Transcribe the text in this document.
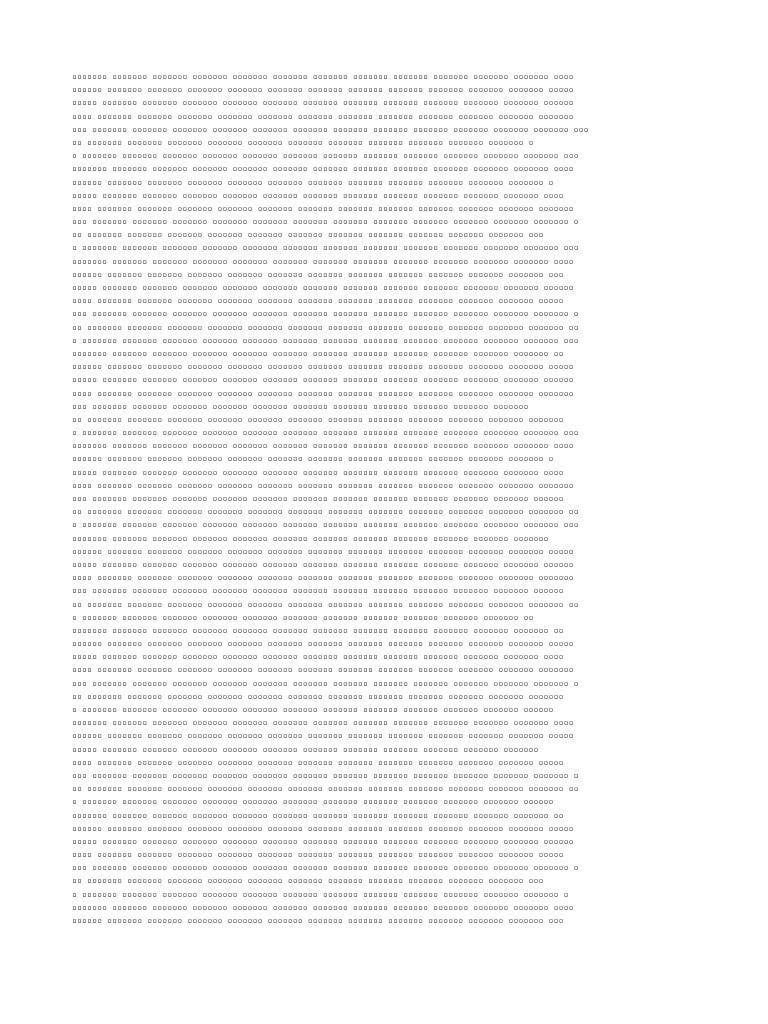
▫▫▫▫▫▫▫ ▫▫▫▫▫▫▫ ▫▫▫▫▫▫▫ ▫▫▫▫▫▫▫ ▫▫▫▫▫▫▫ ▫▫▫▫▫▫▫ ▫▫▫▫▫▫▫ ▫▫▫▫▫▫▫ ▫▫▫▫▫▫▫ ▫▫▫▫▫▫▫ ▫▫▫▫▫▫▫ ▫▫▫▫▫▫▫ ▫▫▫▫
▫▫▫▫▫▫ ▫▫▫▫▫▫▫ ▫▫▫▫▫▫▫ ▫▫▫▫▫▫▫ ▫▫▫▫▫▫▫ ▫▫▫▫▫▫▫ ▫▫▫▫▫▫▫ ▫▫▫▫▫▫▫ ▫▫▫▫▫▫▫ ▫▫▫▫▫▫▫ ▫▫▫▫▫▫▫ ▫▫▫▫▫▫▫ ▫▫▫▫▫
▫▫▫▫▫ ▫▫▫▫▫▫▫ ▫▫▫▫▫▫▫ ▫▫▫▫▫▫▫ ▫▫▫▫▫▫▫ ▫▫▫▫▫▫▫ ▫▫▫▫▫▫▫ ▫▫▫▫▫▫▫ ▫▫▫▫▫▫▫ ▫▫▫▫▫▫▫ ▫▫▫▫▫▫▫ ▫▫▫▫▫▫▫ ▫▫▫▫▫▫
▫▫▫▫ ▫▫▫▫▫▫▫ ▫▫▫▫▫▫▫ ▫▫▫▫▫▫▫ ▫▫▫▫▫▫▫ ▫▫▫▫▫▫▫ ▫▫▫▫▫▫▫ ▫▫▫▫▫▫▫ ▫▫▫▫▫▫▫ ▫▫▫▫▫▫▫ ▫▫▫▫▫▫▫ ▫▫▫▫▫▫▫ ▫▫▫▫▫▫▫
▫▫▫ ▫▫▫▫▫▫▫ ▫▫▫▫▫▫▫ ▫▫▫▫▫▫▫ ▫▫▫▫▫▫▫ ▫▫▫▫▫▫▫ ▫▫▫▫▫▫▫ ▫▫▫▫▫▫▫ ▫▫▫▫▫▫▫ ▫▫▫▫▫▫▫ ▫▫▫▫▫▫▫ ▫▫▫▫▫▫▫ ▫▫▫▫▫▫▫ ▫▫▫
▫▫ ▫▫▫▫▫▫▫ ▫▫▫▫▫▫▫ ▫▫▫▫▫▫▫ ▫▫▫▫▫▫▫ ▫▫▫▫▫▫▫ ▫▫▫▫▫▫▫ ▫▫▫▫▫▫▫ ▫▫▫▫▫▫▫ ▫▫▫▫▫▫▫ ▫▫▫▫▫▫▫ ▫▫▫▫▫▫▫ ▫
▫ ▫▫▫▫▫▫▫ ▫▫▫▫▫▫▫ ▫▫▫▫▫▫▫ ▫▫▫▫▫▫▫ ▫▫▫▫▫▫▫ ▫▫▫▫▫▫▫ ▫▫▫▫▫▫▫ ▫▫▫▫▫▫▫ ▫▫▫▫▫▫▫ ▫▫▫▫▫▫▫ ▫▫▫▫▫▫▫ ▫▫▫▫▫▫▫ ▫▫▫
▫▫▫▫▫▫▫ ▫▫▫▫▫▫▫ ▫▫▫▫▫▫▫ ▫▫▫▫▫▫▫ ▫▫▫▫▫▫▫ ▫▫▫▫▫▫▫ ▫▫▫▫▫▫▫ ▫▫▫▫▫▫▫ ▫▫▫▫▫▫▫ ▫▫▫▫▫▫▫ ▫▫▫▫▫▫▫ ▫▫▫▫▫▫▫ ▫▫▫▫
▫▫▫▫▫▫ ▫▫▫▫▫▫▫ ▫▫▫▫▫▫▫ ▫▫▫▫▫▫▫ ▫▫▫▫▫▫▫ ▫▫▫▫▫▫▫ ▫▫▫▫▫▫▫ ▫▫▫▫▫▫▫ ▫▫▫▫▫▫▫ ▫▫▫▫▫▫▫ ▫▫▫▫▫▫▫ ▫▫▫▫▫▫▫ ▫
▫▫▫▫▫ ▫▫▫▫▫▫▫ ▫▫▫▫▫▫▫ ▫▫▫▫▫▫▫ ▫▫▫▫▫▫▫ ▫▫▫▫▫▫▫ ▫▫▫▫▫▫▫ ▫▫▫▫▫▫▫ ▫▫▫▫▫▫▫ ▫▫▫▫▫▫▫ ▫▫▫▫▫▫▫ ▫▫▫▫▫▫▫ ▫▫▫▫
▫▫▫▫ ▫▫▫▫▫▫▫ ▫▫▫▫▫▫▫ ▫▫▫▫▫▫▫ ▫▫▫▫▫▫▫ ▫▫▫▫▫▫▫ ▫▫▫▫▫▫▫ ▫▫▫▫▫▫▫ ▫▫▫▫▫▫▫ ▫▫▫▫▫▫▫ ▫▫▫▫▫▫▫ ▫▫▫▫▫▫▫ ▫▫▫▫▫▫▫
▫▫▫ ▫▫▫▫▫▫▫ ▫▫▫▫▫▫▫ ▫▫▫▫▫▫▫ ▫▫▫▫▫▫▫ ▫▫▫▫▫▫▫ ▫▫▫▫▫▫▫ ▫▫▫▫▫▫▫ ▫▫▫▫▫▫▫ ▫▫▫▫▫▫▫ ▫▫▫▫▫▫▫ ▫▫▫▫▫▫▫ ▫▫▫▫▫▫▫ ▫
▫▫ ▫▫▫▫▫▫▫ ▫▫▫▫▫▫▫ ▫▫▫▫▫▫▫ ▫▫▫▫▫▫▫ ▫▫▫▫▫▫▫ ▫▫▫▫▫▫▫ ▫▫▫▫▫▫▫ ▫▫▫▫▫▫▫ ▫▫▫▫▫▫▫ ▫▫▫▫▫▫▫ ▫▫▫▫▫▫▫ ▫▫▫
▫ ▫▫▫▫▫▫▫ ▫▫▫▫▫▫▫ ▫▫▫▫▫▫▫ ▫▫▫▫▫▫▫ ▫▫▫▫▫▫▫ ▫▫▫▫▫▫▫ ▫▫▫▫▫▫▫ ▫▫▫▫▫▫▫ ▫▫▫▫▫▫▫ ▫▫▫▫▫▫▫ ▫▫▫▫▫▫▫ ▫▫▫▫▫▫▫ ▫▫▫
▫▫▫▫▫▫▫ ▫▫▫▫▫▫▫ ▫▫▫▫▫▫▫ ▫▫▫▫▫▫▫ ▫▫▫▫▫▫▫ ▫▫▫▫▫▫▫ ▫▫▫▫▫▫▫ ▫▫▫▫▫▫▫ ▫▫▫▫▫▫▫ ▫▫▫▫▫▫▫ ▫▫▫▫▫▫▫ ▫▫▫▫▫▫▫ ▫▫▫▫
▫▫▫▫▫▫ ▫▫▫▫▫▫▫ ▫▫▫▫▫▫▫ ▫▫▫▫▫▫▫ ▫▫▫▫▫▫▫ ▫▫▫▫▫▫▫ ▫▫▫▫▫▫▫ ▫▫▫▫▫▫▫ ▫▫▫▫▫▫▫ ▫▫▫▫▫▫▫ ▫▫▫▫▫▫▫ ▫▫▫▫▫▫▫ ▫▫▫
▫▫▫▫▫ ▫▫▫▫▫▫▫ ▫▫▫▫▫▫▫ ▫▫▫▫▫▫▫ ▫▫▫▫▫▫▫ ▫▫▫▫▫▫▫ ▫▫▫▫▫▫▫ ▫▫▫▫▫▫▫ ▫▫▫▫▫▫▫ ▫▫▫▫▫▫▫ ▫▫▫▫▫▫▫ ▫▫▫▫▫▫▫ ▫▫▫▫▫▫
▫▫▫▫ ▫▫▫▫▫▫▫ ▫▫▫▫▫▫▫ ▫▫▫▫▫▫▫ ▫▫▫▫▫▫▫ ▫▫▫▫▫▫▫ ▫▫▫▫▫▫▫ ▫▫▫▫▫▫▫ ▫▫▫▫▫▫▫ ▫▫▫▫▫▫▫ ▫▫▫▫▫▫▫ ▫▫▫▫▫▫▫ ▫▫▫▫▫
▫▫▫ ▫▫▫▫▫▫▫ ▫▫▫▫▫▫▫ ▫▫▫▫▫▫▫ ▫▫▫▫▫▫▫ ▫▫▫▫▫▫▫ ▫▫▫▫▫▫▫ ▫▫▫▫▫▫▫ ▫▫▫▫▫▫▫ ▫▫▫▫▫▫▫ ▫▫▫▫▫▫▫ ▫▫▫▫▫▫▫ ▫▫▫▫▫▫▫ ▫
▫▫ ▫▫▫▫▫▫▫ ▫▫▫▫▫▫▫ ▫▫▫▫▫▫▫ ▫▫▫▫▫▫▫ ▫▫▫▫▫▫▫ ▫▫▫▫▫▫▫ ▫▫▫▫▫▫▫ ▫▫▫▫▫▫▫ ▫▫▫▫▫▫▫ ▫▫▫▫▫▫▫ ▫▫▫▫▫▫▫ ▫▫▫▫▫▫▫ ▫▫
▫ ▫▫▫▫▫▫▫ ▫▫▫▫▫▫▫ ▫▫▫▫▫▫▫ ▫▫▫▫▫▫▫ ▫▫▫▫▫▫▫ ▫▫▫▫▫▫▫ ▫▫▫▫▫▫▫ ▫▫▫▫▫▫▫ ▫▫▫▫▫▫▫ ▫▫▫▫▫▫▫ ▫▫▫▫▫▫▫ ▫▫▫▫▫▫▫ ▫▫▫
▫▫▫▫▫▫▫ ▫▫▫▫▫▫▫ ▫▫▫▫▫▫▫ ▫▫▫▫▫▫▫ ▫▫▫▫▫▫▫ ▫▫▫▫▫▫▫ ▫▫▫▫▫▫▫ ▫▫▫▫▫▫▫ ▫▫▫▫▫▫▫ ▫▫▫▫▫▫▫ ▫▫▫▫▫▫▫ ▫▫▫▫▫▫▫ ▫▫
▫▫▫▫▫▫ ▫▫▫▫▫▫▫ ▫▫▫▫▫▫▫ ▫▫▫▫▫▫▫ ▫▫▫▫▫▫▫ ▫▫▫▫▫▫▫ ▫▫▫▫▫▫▫ ▫▫▫▫▫▫▫ ▫▫▫▫▫▫▫ ▫▫▫▫▫▫▫ ▫▫▫▫▫▫▫ ▫▫▫▫▫▫▫ ▫▫▫▫▫
▫▫▫▫▫ ▫▫▫▫▫▫▫ ▫▫▫▫▫▫▫ ▫▫▫▫▫▫▫ ▫▫▫▫▫▫▫ ▫▫▫▫▫▫▫ ▫▫▫▫▫▫▫ ▫▫▫▫▫▫▫ ▫▫▫▫▫▫▫ ▫▫▫▫▫▫▫ ▫▫▫▫▫▫▫ ▫▫▫▫▫▫▫ ▫▫▫▫▫▫
▫▫▫▫ ▫▫▫▫▫▫▫ ▫▫▫▫▫▫▫ ▫▫▫▫▫▫▫ ▫▫▫▫▫▫▫ ▫▫▫▫▫▫▫ ▫▫▫▫▫▫▫ ▫▫▫▫▫▫▫ ▫▫▫▫▫▫▫ ▫▫▫▫▫▫▫ ▫▫▫▫▫▫▫ ▫▫▫▫▫▫▫ ▫▫▫▫▫▫▫
▫▫▫ ▫▫▫▫▫▫▫ ▫▫▫▫▫▫▫ ▫▫▫▫▫▫▫ ▫▫▫▫▫▫▫ ▫▫▫▫▫▫▫ ▫▫▫▫▫▫▫ ▫▫▫▫▫▫▫ ▫▫▫▫▫▫▫ ▫▫▫▫▫▫▫ ▫▫▫▫▫▫▫ ▫▫▫▫▫▫▫
▫▫ ▫▫▫▫▫▫▫ ▫▫▫▫▫▫▫ ▫▫▫▫▫▫▫ ▫▫▫▫▫▫▫ ▫▫▫▫▫▫▫ ▫▫▫▫▫▫▫ ▫▫▫▫▫▫▫ ▫▫▫▫▫▫▫ ▫▫▫▫▫▫▫ ▫▫▫▫▫▫▫ ▫▫▫▫▫▫▫ ▫▫▫▫▫▫▫
▫ ▫▫▫▫▫▫▫ ▫▫▫▫▫▫▫ ▫▫▫▫▫▫▫ ▫▫▫▫▫▫▫ ▫▫▫▫▫▫▫ ▫▫▫▫▫▫▫ ▫▫▫▫▫▫▫ ▫▫▫▫▫▫▫ ▫▫▫▫▫▫▫ ▫▫▫▫▫▫▫ ▫▫▫▫▫▫▫ ▫▫▫▫▫▫▫ ▫▫▫
▫▫▫▫▫▫▫ ▫▫▫▫▫▫▫ ▫▫▫▫▫▫▫ ▫▫▫▫▫▫▫ ▫▫▫▫▫▫▫ ▫▫▫▫▫▫▫ ▫▫▫▫▫▫▫ ▫▫▫▫▫▫▫ ▫▫▫▫▫▫▫ ▫▫▫▫▫▫▫ ▫▫▫▫▫▫▫ ▫▫▫▫▫▫▫ ▫▫▫▫
▫▫▫▫▫▫ ▫▫▫▫▫▫▫ ▫▫▫▫▫▫▫ ▫▫▫▫▫▫▫ ▫▫▫▫▫▫▫ ▫▫▫▫▫▫▫ ▫▫▫▫▫▫▫ ▫▫▫▫▫▫▫ ▫▫▫▫▫▫▫ ▫▫▫▫▫▫▫ ▫▫▫▫▫▫▫ ▫▫▫▫▫▫▫ ▫
▫▫▫▫▫ ▫▫▫▫▫▫▫ ▫▫▫▫▫▫▫ ▫▫▫▫▫▫▫ ▫▫▫▫▫▫▫ ▫▫▫▫▫▫▫ ▫▫▫▫▫▫▫ ▫▫▫▫▫▫▫ ▫▫▫▫▫▫▫ ▫▫▫▫▫▫▫ ▫▫▫▫▫▫▫ ▫▫▫▫▫▫▫ ▫▫▫▫
▫▫▫▫ ▫▫▫▫▫▫▫ ▫▫▫▫▫▫▫ ▫▫▫▫▫▫▫ ▫▫▫▫▫▫▫ ▫▫▫▫▫▫▫ ▫▫▫▫▫▫▫ ▫▫▫▫▫▫▫ ▫▫▫▫▫▫▫ ▫▫▫▫▫▫▫ ▫▫▫▫▫▫▫ ▫▫▫▫▫▫▫ ▫▫▫▫▫▫▫
▫▫▫ ▫▫▫▫▫▫▫ ▫▫▫▫▫▫▫ ▫▫▫▫▫▫▫ ▫▫▫▫▫▫▫ ▫▫▫▫▫▫▫ ▫▫▫▫▫▫▫ ▫▫▫▫▫▫▫ ▫▫▫▫▫▫▫ ▫▫▫▫▫▫▫ ▫▫▫▫▫▫▫ ▫▫▫▫▫▫▫ ▫▫▫▫▫▫
▫▫ ▫▫▫▫▫▫▫ ▫▫▫▫▫▫▫ ▫▫▫▫▫▫▫ ▫▫▫▫▫▫▫ ▫▫▫▫▫▫▫ ▫▫▫▫▫▫▫ ▫▫▫▫▫▫▫ ▫▫▫▫▫▫▫ ▫▫▫▫▫▫▫ ▫▫▫▫▫▫▫ ▫▫▫▫▫▫▫ ▫▫▫▫▫▫▫ ▫▫
▫ ▫▫▫▫▫▫▫ ▫▫▫▫▫▫▫ ▫▫▫▫▫▫▫ ▫▫▫▫▫▫▫ ▫▫▫▫▫▫▫ ▫▫▫▫▫▫▫ ▫▫▫▫▫▫▫ ▫▫▫▫▫▫▫ ▫▫▫▫▫▫▫ ▫▫▫▫▫▫▫ ▫▫▫▫▫▫▫ ▫▫▫▫▫▫▫ ▫▫▫
▫▫▫▫▫▫▫ ▫▫▫▫▫▫▫ ▫▫▫▫▫▫▫ ▫▫▫▫▫▫▫ ▫▫▫▫▫▫▫ ▫▫▫▫▫▫▫ ▫▫▫▫▫▫▫ ▫▫▫▫▫▫▫ ▫▫▫▫▫▫▫ ▫▫▫▫▫▫▫ ▫▫▫▫▫▫▫ ▫▫▫▫▫▫▫
▫▫▫▫▫▫ ▫▫▫▫▫▫▫ ▫▫▫▫▫▫▫ ▫▫▫▫▫▫▫ ▫▫▫▫▫▫▫ ▫▫▫▫▫▫▫ ▫▫▫▫▫▫▫ ▫▫▫▫▫▫▫ ▫▫▫▫▫▫▫ ▫▫▫▫▫▫▫ ▫▫▫▫▫▫▫ ▫▫▫▫▫▫▫ ▫▫▫▫▫
▫▫▫▫▫ ▫▫▫▫▫▫▫ ▫▫▫▫▫▫▫ ▫▫▫▫▫▫▫ ▫▫▫▫▫▫▫ ▫▫▫▫▫▫▫ ▫▫▫▫▫▫▫ ▫▫▫▫▫▫▫ ▫▫▫▫▫▫▫ ▫▫▫▫▫▫▫ ▫▫▫▫▫▫▫ ▫▫▫▫▫▫▫ ▫▫▫▫▫▫
▫▫▫▫ ▫▫▫▫▫▫▫ ▫▫▫▫▫▫▫ ▫▫▫▫▫▫▫ ▫▫▫▫▫▫▫ ▫▫▫▫▫▫▫ ▫▫▫▫▫▫▫ ▫▫▫▫▫▫▫ ▫▫▫▫▫▫▫ ▫▫▫▫▫▫▫ ▫▫▫▫▫▫▫ ▫▫▫▫▫▫▫ ▫▫▫▫▫▫▫
▫▫▫ ▫▫▫▫▫▫▫ ▫▫▫▫▫▫▫ ▫▫▫▫▫▫▫ ▫▫▫▫▫▫▫ ▫▫▫▫▫▫▫ ▫▫▫▫▫▫▫ ▫▫▫▫▫▫▫ ▫▫▫▫▫▫▫ ▫▫▫▫▫▫▫ ▫▫▫▫▫▫▫ ▫▫▫▫▫▫▫ ▫▫▫▫▫▫
▫▫ ▫▫▫▫▫▫▫ ▫▫▫▫▫▫▫ ▫▫▫▫▫▫▫ ▫▫▫▫▫▫▫ ▫▫▫▫▫▫▫ ▫▫▫▫▫▫▫ ▫▫▫▫▫▫▫ ▫▫▫▫▫▫▫ ▫▫▫▫▫▫▫ ▫▫▫▫▫▫▫ ▫▫▫▫▫▫▫ ▫▫▫▫▫▫▫ ▫▫
▫ ▫▫▫▫▫▫▫ ▫▫▫▫▫▫▫ ▫▫▫▫▫▫▫ ▫▫▫▫▫▫▫ ▫▫▫▫▫▫▫ ▫▫▫▫▫▫▫ ▫▫▫▫▫▫▫ ▫▫▫▫▫▫▫ ▫▫▫▫▫▫▫ ▫▫▫▫▫▫▫ ▫▫▫▫▫▫▫ ▫▫
▫▫▫▫▫▫▫ ▫▫▫▫▫▫▫ ▫▫▫▫▫▫▫ ▫▫▫▫▫▫▫ ▫▫▫▫▫▫▫ ▫▫▫▫▫▫▫ ▫▫▫▫▫▫▫ ▫▫▫▫▫▫▫ ▫▫▫▫▫▫▫ ▫▫▫▫▫▫▫ ▫▫▫▫▫▫▫ ▫▫▫▫▫▫▫ ▫▫
▫▫▫▫▫▫ ▫▫▫▫▫▫▫ ▫▫▫▫▫▫▫ ▫▫▫▫▫▫▫ ▫▫▫▫▫▫▫ ▫▫▫▫▫▫▫ ▫▫▫▫▫▫▫ ▫▫▫▫▫▫▫ ▫▫▫▫▫▫▫ ▫▫▫▫▫▫▫ ▫▫▫▫▫▫▫ ▫▫▫▫▫▫▫ ▫▫▫▫▫
▫▫▫▫▫ ▫▫▫▫▫▫▫ ▫▫▫▫▫▫▫ ▫▫▫▫▫▫▫ ▫▫▫▫▫▫▫ ▫▫▫▫▫▫▫ ▫▫▫▫▫▫▫ ▫▫▫▫▫▫▫ ▫▫▫▫▫▫▫ ▫▫▫▫▫▫▫ ▫▫▫▫▫▫▫ ▫▫▫▫▫▫▫ ▫▫▫▫
▫▫▫▫ ▫▫▫▫▫▫▫ ▫▫▫▫▫▫▫ ▫▫▫▫▫▫▫ ▫▫▫▫▫▫▫ ▫▫▫▫▫▫▫ ▫▫▫▫▫▫▫ ▫▫▫▫▫▫▫ ▫▫▫▫▫▫▫ ▫▫▫▫▫▫▫ ▫▫▫▫▫▫▫ ▫▫▫▫▫▫▫ ▫▫▫▫▫▫▫
▫▫▫ ▫▫▫▫▫▫▫ ▫▫▫▫▫▫▫ ▫▫▫▫▫▫▫ ▫▫▫▫▫▫▫ ▫▫▫▫▫▫▫ ▫▫▫▫▫▫▫ ▫▫▫▫▫▫▫ ▫▫▫▫▫▫▫ ▫▫▫▫▫▫▫ ▫▫▫▫▫▫▫ ▫▫▫▫▫▫▫ ▫▫▫▫▫▫▫ ▫
▫▫ ▫▫▫▫▫▫▫ ▫▫▫▫▫▫▫ ▫▫▫▫▫▫▫ ▫▫▫▫▫▫▫ ▫▫▫▫▫▫▫ ▫▫▫▫▫▫▫ ▫▫▫▫▫▫▫ ▫▫▫▫▫▫▫ ▫▫▫▫▫▫▫ ▫▫▫▫▫▫▫ ▫▫▫▫▫▫▫ ▫▫▫▫▫▫▫
▫ ▫▫▫▫▫▫▫ ▫▫▫▫▫▫▫ ▫▫▫▫▫▫▫ ▫▫▫▫▫▫▫ ▫▫▫▫▫▫▫ ▫▫▫▫▫▫▫ ▫▫▫▫▫▫▫ ▫▫▫▫▫▫▫ ▫▫▫▫▫▫▫ ▫▫▫▫▫▫▫ ▫▫▫▫▫▫▫ ▫▫▫▫▫▫
▫▫▫▫▫▫▫ ▫▫▫▫▫▫▫ ▫▫▫▫▫▫▫ ▫▫▫▫▫▫▫ ▫▫▫▫▫▫▫ ▫▫▫▫▫▫▫ ▫▫▫▫▫▫▫ ▫▫▫▫▫▫▫ ▫▫▫▫▫▫▫ ▫▫▫▫▫▫▫ ▫▫▫▫▫▫▫ ▫▫▫▫▫▫▫ ▫▫▫▫
▫▫▫▫▫▫ ▫▫▫▫▫▫▫ ▫▫▫▫▫▫▫ ▫▫▫▫▫▫▫ ▫▫▫▫▫▫▫ ▫▫▫▫▫▫▫ ▫▫▫▫▫▫▫ ▫▫▫▫▫▫▫ ▫▫▫▫▫▫▫ ▫▫▫▫▫▫▫ ▫▫▫▫▫▫▫ ▫▫▫▫▫▫▫ ▫▫▫▫▫
▫▫▫▫▫ ▫▫▫▫▫▫▫ ▫▫▫▫▫▫▫ ▫▫▫▫▫▫▫ ▫▫▫▫▫▫▫ ▫▫▫▫▫▫▫ ▫▫▫▫▫▫▫ ▫▫▫▫▫▫▫ ▫▫▫▫▫▫▫ ▫▫▫▫▫▫▫ ▫▫▫▫▫▫▫ ▫▫▫▫▫▫▫
▫▫▫▫ ▫▫▫▫▫▫▫ ▫▫▫▫▫▫▫ ▫▫▫▫▫▫▫ ▫▫▫▫▫▫▫ ▫▫▫▫▫▫▫ ▫▫▫▫▫▫▫ ▫▫▫▫▫▫▫ ▫▫▫▫▫▫▫ ▫▫▫▫▫▫▫ ▫▫▫▫▫▫▫ ▫▫▫▫▫▫▫ ▫▫▫▫▫
▫▫▫ ▫▫▫▫▫▫▫ ▫▫▫▫▫▫▫ ▫▫▫▫▫▫▫ ▫▫▫▫▫▫▫ ▫▫▫▫▫▫▫ ▫▫▫▫▫▫▫ ▫▫▫▫▫▫▫ ▫▫▫▫▫▫▫ ▫▫▫▫▫▫▫ ▫▫▫▫▫▫▫ ▫▫▫▫▫▫▫ ▫▫▫▫▫▫▫ ▫
▫▫ ▫▫▫▫▫▫▫ ▫▫▫▫▫▫▫ ▫▫▫▫▫▫▫ ▫▫▫▫▫▫▫ ▫▫▫▫▫▫▫ ▫▫▫▫▫▫▫ ▫▫▫▫▫▫▫ ▫▫▫▫▫▫▫ ▫▫▫▫▫▫▫ ▫▫▫▫▫▫▫ ▫▫▫▫▫▫▫ ▫▫▫▫▫▫▫ ▫▫
▫ ▫▫▫▫▫▫▫ ▫▫▫▫▫▫▫ ▫▫▫▫▫▫▫ ▫▫▫▫▫▫▫ ▫▫▫▫▫▫▫ ▫▫▫▫▫▫▫ ▫▫▫▫▫▫▫ ▫▫▫▫▫▫▫ ▫▫▫▫▫▫▫ ▫▫▫▫▫▫▫ ▫▫▫▫▫▫▫ ▫▫▫▫▫▫
▫▫▫▫▫▫▫ ▫▫▫▫▫▫▫ ▫▫▫▫▫▫▫ ▫▫▫▫▫▫▫ ▫▫▫▫▫▫▫ ▫▫▫▫▫▫▫ ▫▫▫▫▫▫▫ ▫▫▫▫▫▫▫ ▫▫▫▫▫▫▫ ▫▫▫▫▫▫▫ ▫▫▫▫▫▫▫ ▫▫▫▫▫▫▫ ▫▫
▫▫▫▫▫▫ ▫▫▫▫▫▫▫ ▫▫▫▫▫▫▫ ▫▫▫▫▫▫▫ ▫▫▫▫▫▫▫ ▫▫▫▫▫▫▫ ▫▫▫▫▫▫▫ ▫▫▫▫▫▫▫ ▫▫▫▫▫▫▫ ▫▫▫▫▫▫▫ ▫▫▫▫▫▫▫ ▫▫▫▫▫▫▫ ▫▫▫▫▫
▫▫▫▫▫ ▫▫▫▫▫▫▫ ▫▫▫▫▫▫▫ ▫▫▫▫▫▫▫ ▫▫▫▫▫▫▫ ▫▫▫▫▫▫▫ ▫▫▫▫▫▫▫ ▫▫▫▫▫▫▫ ▫▫▫▫▫▫▫ ▫▫▫▫▫▫▫ ▫▫▫▫▫▫▫ ▫▫▫▫▫▫▫ ▫▫▫▫▫▫
▫▫▫▫ ▫▫▫▫▫▫▫ ▫▫▫▫▫▫▫ ▫▫▫▫▫▫▫ ▫▫▫▫▫▫▫ ▫▫▫▫▫▫▫ ▫▫▫▫▫▫▫ ▫▫▫▫▫▫▫ ▫▫▫▫▫▫▫ ▫▫▫▫▫▫▫ ▫▫▫▫▫▫▫ ▫▫▫▫▫▫▫ ▫▫▫▫▫
▫▫▫ ▫▫▫▫▫▫▫ ▫▫▫▫▫▫▫ ▫▫▫▫▫▫▫ ▫▫▫▫▫▫▫ ▫▫▫▫▫▫▫ ▫▫▫▫▫▫▫ ▫▫▫▫▫▫▫ ▫▫▫▫▫▫▫ ▫▫▫▫▫▫▫ ▫▫▫▫▫▫▫ ▫▫▫▫▫▫▫ ▫▫▫▫▫▫▫ ▫
▫▫ ▫▫▫▫▫▫▫ ▫▫▫▫▫▫▫ ▫▫▫▫▫▫▫ ▫▫▫▫▫▫▫ ▫▫▫▫▫▫▫ ▫▫▫▫▫▫▫ ▫▫▫▫▫▫▫ ▫▫▫▫▫▫▫ ▫▫▫▫▫▫▫ ▫▫▫▫▫▫▫ ▫▫▫▫▫▫▫ ▫▫▫
▫ ▫▫▫▫▫▫▫ ▫▫▫▫▫▫▫ ▫▫▫▫▫▫▫ ▫▫▫▫▫▫▫ ▫▫▫▫▫▫▫ ▫▫▫▫▫▫▫ ▫▫▫▫▫▫▫ ▫▫▫▫▫▫▫ ▫▫▫▫▫▫▫ ▫▫▫▫▫▫▫ ▫▫▫▫▫▫▫ ▫▫▫▫▫▫▫ ▫
▫▫▫▫▫▫▫ ▫▫▫▫▫▫▫ ▫▫▫▫▫▫▫ ▫▫▫▫▫▫▫ ▫▫▫▫▫▫▫ ▫▫▫▫▫▫▫ ▫▫▫▫▫▫▫ ▫▫▫▫▫▫▫ ▫▫▫▫▫▫▫ ▫▫▫▫▫▫▫ ▫▫▫▫▫▫▫ ▫▫▫▫▫▫▫ ▫▫▫▫
▫▫▫▫▫▫ ▫▫▫▫▫▫▫ ▫▫▫▫▫▫▫ ▫▫▫▫▫▫▫ ▫▫▫▫▫▫▫ ▫▫▫▫▫▫▫ ▫▫▫▫▫▫▫ ▫▫▫▫▫▫▫ ▫▫▫▫▫▫▫ ▫▫▫▫▫▫▫ ▫▫▫▫▫▫▫ ▫▫▫▫▫▫▫ ▫▫▫
